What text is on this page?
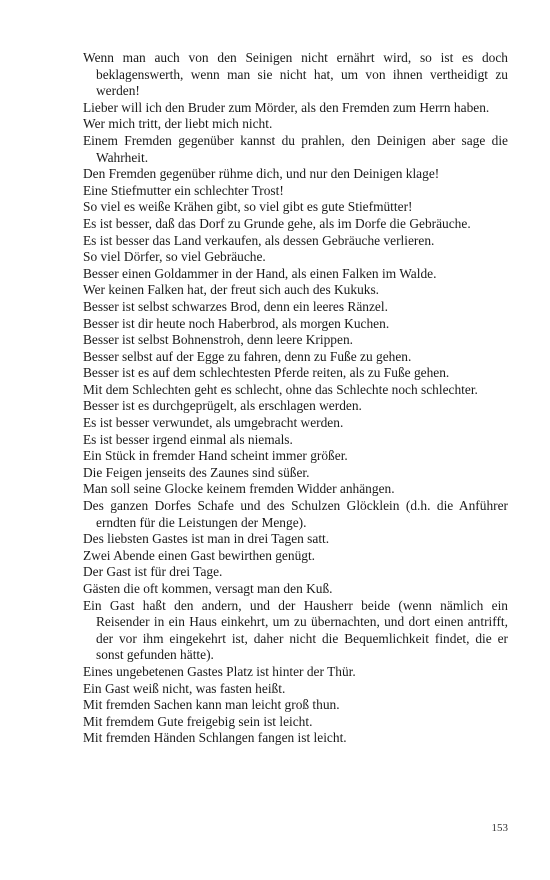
Wenn man auch von den Seinigen nicht ernährt wird, so ist es doch beklagenswerth, wenn man sie nicht hat, um von ihnen vertheidigt zu werden!
Lieber will ich den Bruder zum Mörder, als den Fremden zum Herrn haben.
Wer mich tritt, der liebt mich nicht.
Einem Fremden gegenüber kannst du prahlen, den Deinigen aber sage die Wahrheit.
Den Fremden gegenüber rühme dich, und nur den Deinigen klage!
Eine Stiefmutter ein schlechter Trost!
So viel es weiße Krähen gibt, so viel gibt es gute Stiefmütter!
Es ist besser, daß das Dorf zu Grunde gehe, als im Dorfe die Gebräuche.
Es ist besser das Land verkaufen, als dessen Gebräuche verlieren.
So viel Dörfer, so viel Gebräuche.
Besser einen Goldammer in der Hand, als einen Falken im Walde.
Wer keinen Falken hat, der freut sich auch des Kukuks.
Besser ist selbst schwarzes Brod, denn ein leeres Ränzel.
Besser ist dir heute noch Haberbrod, als morgen Kuchen.
Besser ist selbst Bohnenstroh, denn leere Krippen.
Besser selbst auf der Egge zu fahren, denn zu Fuße zu gehen.
Besser ist es auf dem schlechtesten Pferde reiten, als zu Fuße gehen.
Mit dem Schlechten geht es schlecht, ohne das Schlechte noch schlechter.
Besser ist es durchgeprügelt, als erschlagen werden.
Es ist besser verwundet, als umgebracht werden.
Es ist besser irgend einmal als niemals.
Ein Stück in fremder Hand scheint immer größer.
Die Feigen jenseits des Zaunes sind süßer.
Man soll seine Glocke keinem fremden Widder anhängen.
Des ganzen Dorfes Schafe und des Schulzen Glöcklein (d.h. die Anführer erndten für die Leistungen der Menge).
Des liebsten Gastes ist man in drei Tagen satt.
Zwei Abende einen Gast bewirthen genügt.
Der Gast ist für drei Tage.
Gästen die oft kommen, versagt man den Kuß.
Ein Gast haßt den andern, und der Hausherr beide (wenn nämlich ein Reisender in ein Haus einkehrt, um zu übernachten, und dort einen antrifft, der vor ihm eingekehrt ist, daher nicht die Bequemlichkeit findet, die er sonst gefunden hätte).
Eines ungebetenen Gastes Platz ist hinter der Thür.
Ein Gast weiß nicht, was fasten heißt.
Mit fremden Sachen kann man leicht groß thun.
Mit fremdem Gute freigebig sein ist leicht.
Mit fremden Händen Schlangen fangen ist leicht.
153
